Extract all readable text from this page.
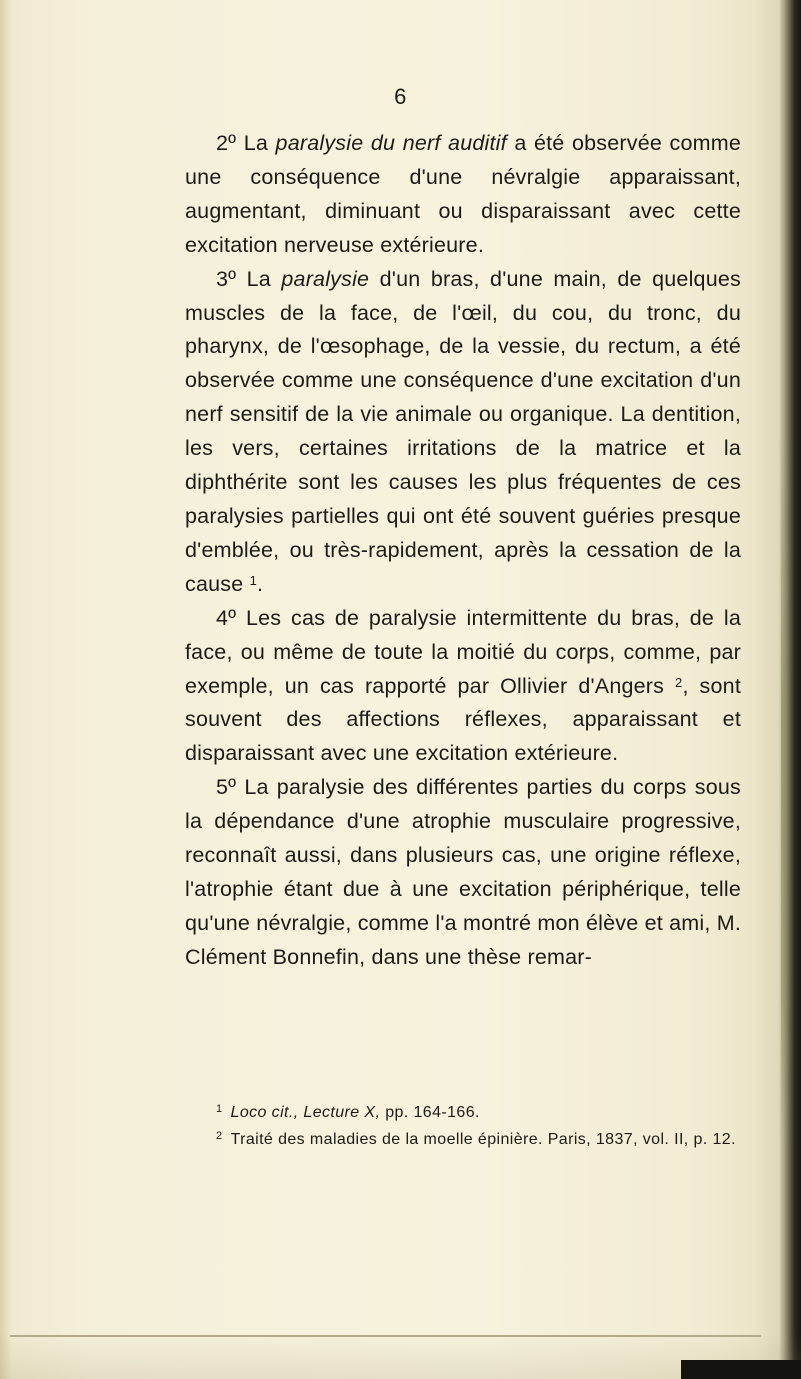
6

2º La paralysie du nerf auditif a été observée comme une conséquence d'une névralgie apparaissant, augmentant, diminuant ou disparaissant avec cette excitation nerveuse extérieure.

3º La paralysie d'un bras, d'une main, de quelques muscles de la face, de l'œil, du cou, du tronc, du pharynx, de l'œsophage, de la vessie, du rectum, a été observée comme une conséquence d'une excitation d'un nerf sensitif de la vie animale ou organique. La dentition, les vers, certaines irritations de la matrice et la diphthérite sont les causes les plus fréquentes de ces paralysies partielles qui ont été souvent guéries presque d'emblée, ou très-rapidement, après la cessation de la cause $^1$.

4º Les cas de paralysie intermittente du bras, de la face, ou même de toute la moitié du corps, comme, par exemple, un cas rapporté par Ollivier d'Angers $^2$, sont souvent des affections réflexes, apparaissant et disparaissant avec une excitation extérieure.

5º La paralysie des différentes parties du corps sous la dépendance d'une atrophie musculaire progressive, reconnaît aussi, dans plusieurs cas, une origine réflexe, l'atrophie étant due à une excitation périphérique, telle qu'une névralgie, comme l'a montré mon élève et ami, M. Clément Bonnefin, dans une thèse remar-

$^1$ Loco cit., Lecture X, pp. 164-166.

$^2$ Traité des maladies de la moelle épinière. Paris, 1837, vol. II, p. 12.
